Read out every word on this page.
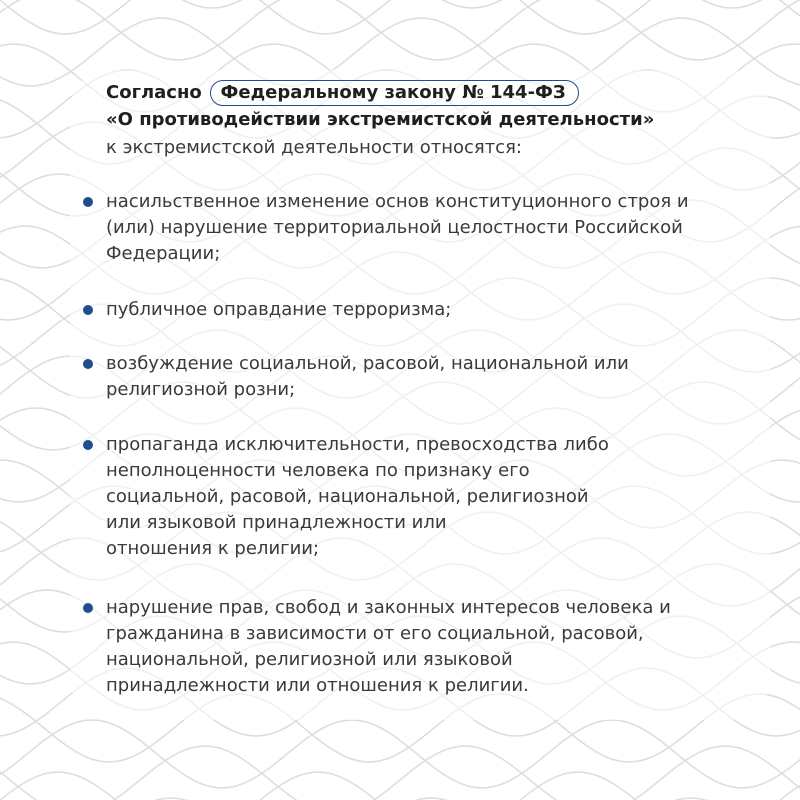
Согласно Федеральному закону № 144-ФЗ
«О противодействии экстремистской деятельности»
к экстремистской деятельности относятся:
насильственное изменение основ конституционного строя и
(или) нарушение территориальной целостности Российской
Федерации;
публичное оправдание терроризма;
возбуждение социальной, расовой, национальной или
религиозной розни;
пропаганда исключительности, превосходства либо
неполноценности человека по признаку его
социальной, расовой, национальной, религиозной
или языковой принадлежности или
отношения к религии;
нарушение прав, свобод и законных интересов человека и
гражданина в зависимости от его социальной, расовой,
национальной, религиозной или языковой
принадлежности или отношения к религии.
